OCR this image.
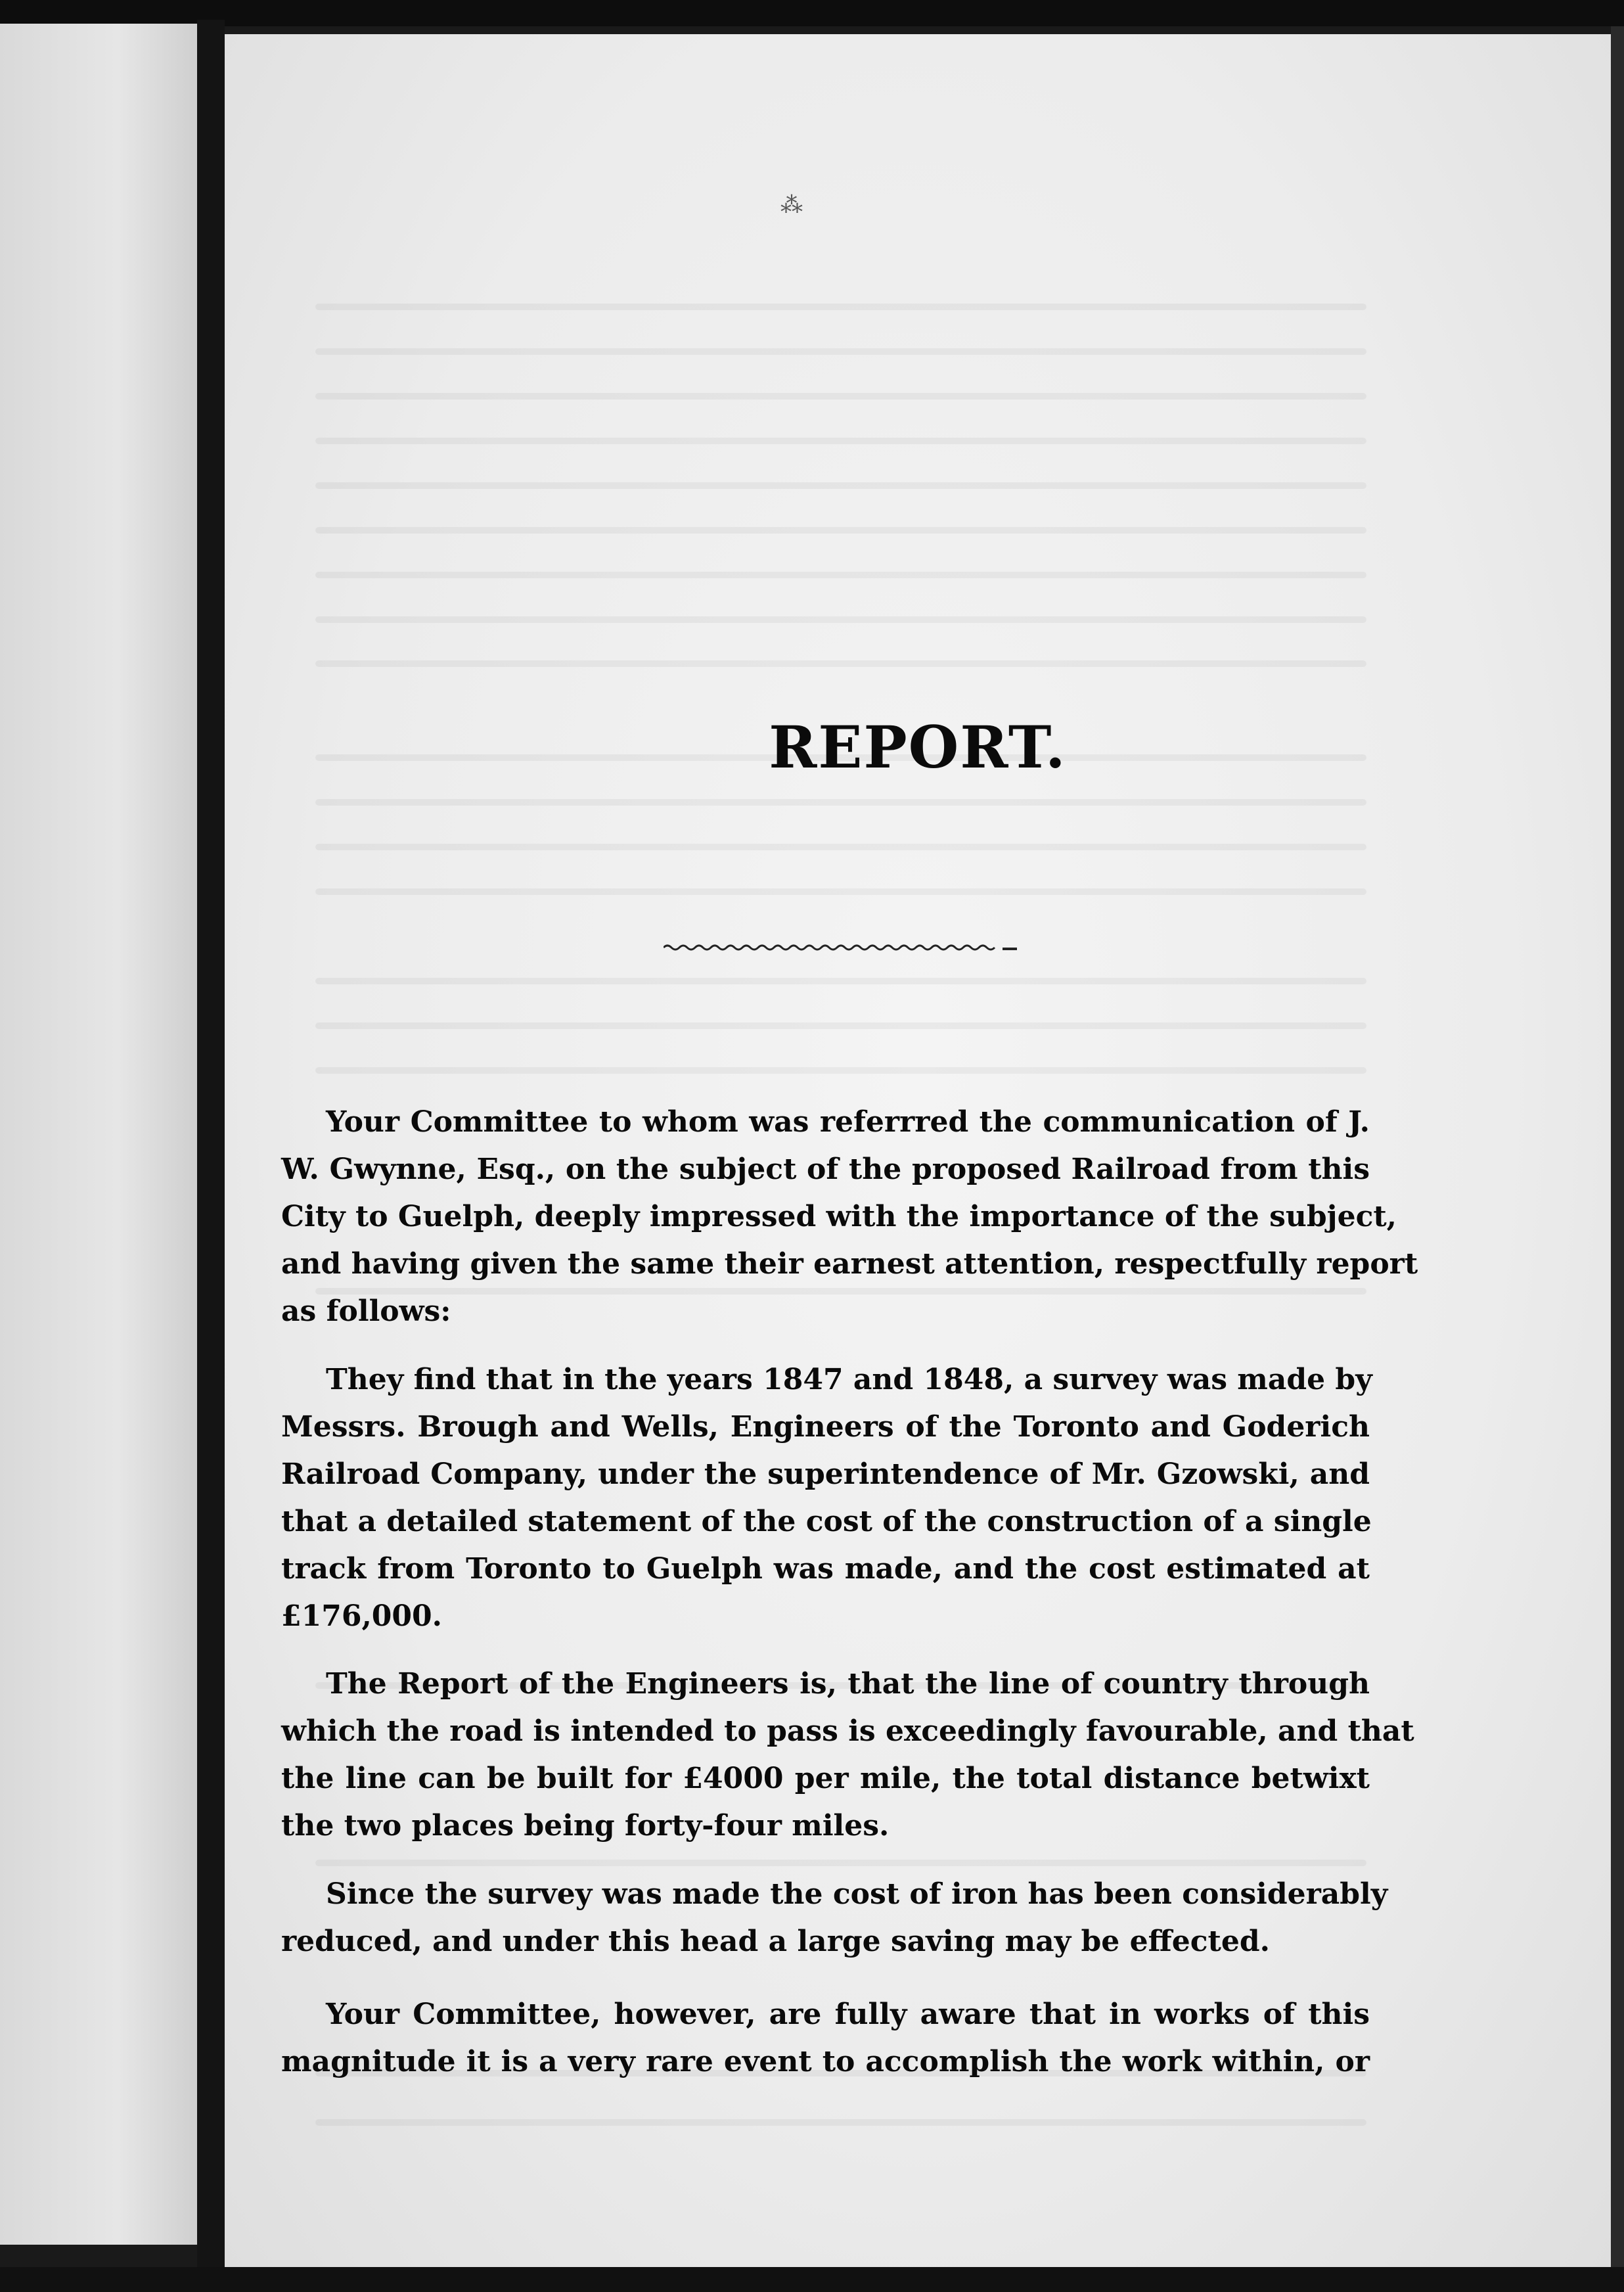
⁂
REPORT.
Your Committee to whom was referrred the communication of J.
W. Gwynne, Esq., on the subject of the proposed Railroad from this
City to Guelph, deeply impressed with the importance of the subject,
and having given the same their earnest attention, respectfully report
as follows:
They find that in the years 1847 and 1848, a survey was made by
Messrs. Brough and Wells, Engineers of the Toronto and Goderich
Railroad Company, under the superintendence of Mr. Gzowski, and
that a detailed statement of the cost of the construction of a single
track from Toronto to Guelph was made, and the cost estimated at
£176,000.
The Report of the Engineers is, that the line of country through
which the road is intended to pass is exceedingly favourable, and that
the line can be built for £4000 per mile, the total distance betwixt
the two places being forty-four miles.
Since the survey was made the cost of iron has been considerably
reduced, and under this head a large saving may be effected.
Your Committee, however, are fully aware that in works of this
magnitude it is a very rare event to accomplish the work within, or
